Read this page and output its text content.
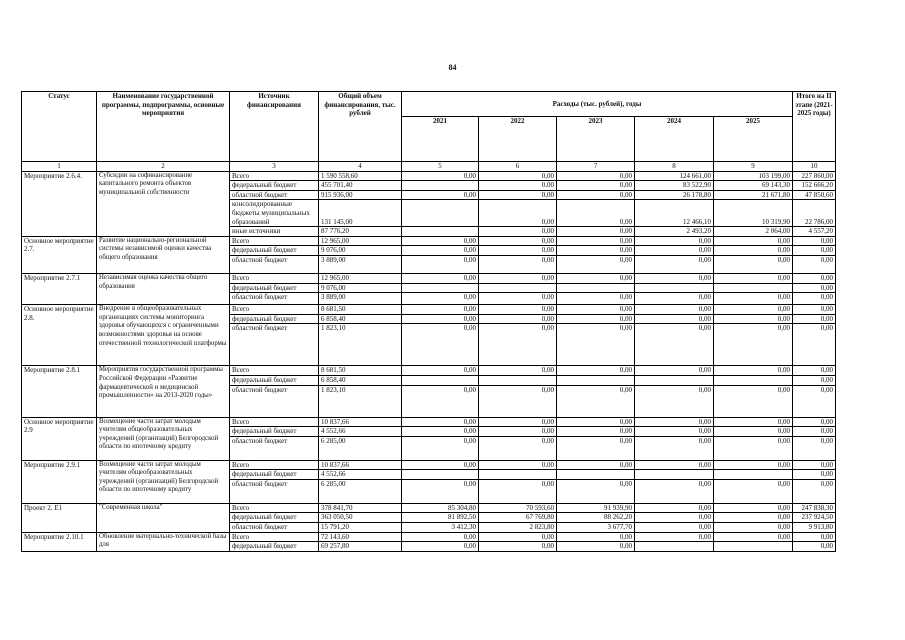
84
Статус	Наименование государственной программы, подпрограммы, основные мероприятия	Источник финансирования	Общий объем финансирования, тыс. рублей	Расходы (тыс. рублей), годы					Итого на II этапе (2021-2025 годы)
				2021	2022	2023	2024	2025	
1	2	3	4	5	6	7	8	9	10
Мероприятие 2.6.4.	Субсидии на софинансирование капитального ремонта объектов муниципальной собственности	Всего	1 590 558,60	0,00	0,00	0,00	124 661,00	103 199,00	227 860,00
		федеральный бюджет	455 701,40		0,00	0,00	83 522,90	69 143,30	152 666,20
		областной бюджет	915 936,00	0,00	0,00	0,00	26 178,80	21 671,80	47 850,60
		консолидированные бюджеты муниципальных образований	131 145,00		0,00	0,00	12 466,10	10 319,90	22 786,00
		иные источники	87 776,20		0,00	0,00	2 493,20	2 064,00	4 557,20
Основное мероприятие 2.7.	Развитие национально-региональной системы независимой оценки качества общего образования	Всего	12 965,00	0,00	0,00	0,00	0,00	0,00	0,00
		федеральный бюджет	9 076,00	0,00	0,00	0,00	0,00	0,00	0,00
		областной бюджет	3 889,00	0,00	0,00	0,00	0,00	0,00	0,00
Мероприятие 2.7.1	Независимая оценка качества общего образования	Всего	12 965,00	0,00	0,00	0,00	0,00	0,00	0,00
		федеральный бюджет	9 076,00						0,00
		областной бюджет	3 889,00	0,00	0,00	0,00	0,00	0,00	0,00
Основное мероприятие 2.8.	Внедрение в общеобразовательных организациях системы мониторинга здоровья обучающихся с ограниченными возможностями здоровья на основе отечественной технологической платформы	Всего	8 681,50	0,00	0,00	0,00	0,00	0,00	0,00
		федеральный бюджет	6 858,40	0,00	0,00	0,00	0,00	0,00	0,00
		областной бюджет	1 823,10	0,00	0,00	0,00	0,00	0,00	0,00
Мероприятие 2.8.1	Мероприятия государственной программы Российской Федерации «Развитие фармацевтической и медицинской промышленности» на 2013-2020 годы»	Всего	8 681,50	0,00	0,00	0,00	0,00	0,00	0,00
		федеральный бюджет	6 858,40						0,00
		областной бюджет	1 823,10	0,00	0,00	0,00	0,00	0,00	0,00
Основное мероприятие 2.9	Возмещение части затрат молодым учителям общеобразовательных учреждений (организаций) Белгородской области по ипотечному кредиту	Всего	10 837,66	0,00	0,00	0,00	0,00	0,00	0,00
		федеральный бюджет	4 552,66	0,00	0,00	0,00	0,00	0,00	0,00
		областной бюджет	6 285,00	0,00	0,00	0,00	0,00	0,00	0,00
Мероприятие 2.9.1	Возмещение части затрат молодым учителям общеобразовательных учреждений (организаций) Белгородской области по ипотечному кредиту	Всего	10 837,66	0,00	0,00	0,00	0,00	0,00	0,00
		федеральный бюджет	4 552,66						0,00
		областной бюджет	6 285,00	0,00	0,00	0,00	0,00	0,00	0,00
Проект 2. Е1	"Современная школа"	Всего	378 841,70	85 304,80	70 593,60	91 939,90	0,00	0,00	247 838,30
		федеральный бюджет	363 050,50	81 892,50	67 769,80	88 262,20	0,00	0,00	237 924,50
		областной бюджет	15 791,20	3 412,30	2 823,80	3 677,70	0,00	0,00	9 913,80
Мероприятие 2.10.1	Обновление материально-технической базы для	Всего	72 143,60	0,00	0,00	0,00	0,00	0,00	0,00
		федеральный бюджет	69 257,80	0,00	0,00	0,00			0,00
